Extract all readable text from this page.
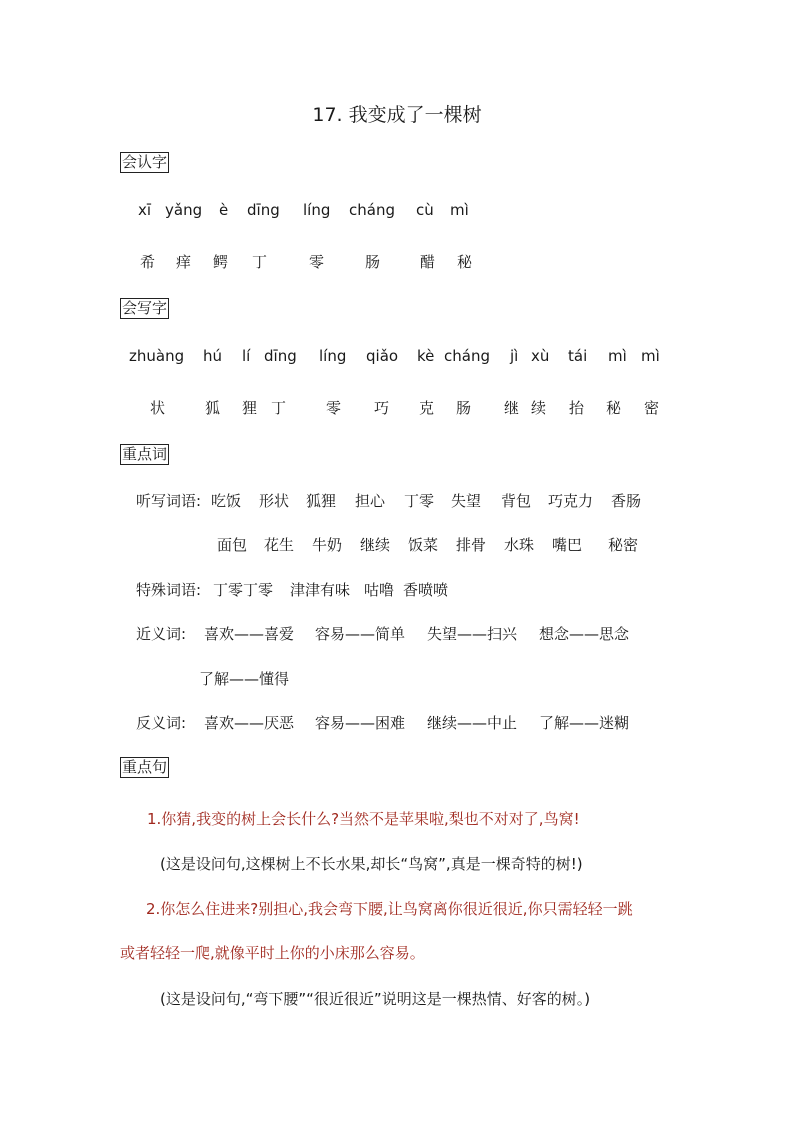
17. 我变成了一棵树
会认字
xī yǎng è dīng líng cháng cù mì
希 痒 鳄 丁	零	肠	醋 秘
会写字
zhuàng hú lí dīng líng qiǎo kè cháng jì xù tái mì mì
状	狐 狸 丁	零 巧 克 肠 继 续 抬 秘 密
重点词
听写词语: 吃饭 形状 狐狸 担心 丁零 失望 背包 巧克力 香肠
面包 花生 牛奶 继续 饭菜 排骨 水珠 嘴巴 秘密
特殊词语: 丁零丁零 津津有味 咕噜 香喷喷
近义词: 喜欢——喜爱 容易——简单 失望——扫兴 想念——思念
了解——懂得
反义词: 喜欢——厌恶 容易——困难 继续——中止 了解——迷糊
重点句
1.你猜,我变的树上会长什么?当然不是苹果啦,梨也不对对了,鸟窝!
(这是设问句,这棵树上不长水果,却长“鸟窝”,真是一棵奇特的树!)
2.你怎么住进来?别担心,我会弯下腰,让鸟窝离你很近很近,你只需轻轻一跳
或者轻轻一爬,就像平时上你的小床那么容易。
(这是设问句,“弯下腰”“很近很近”说明这是一棵热情、好客的树。)
